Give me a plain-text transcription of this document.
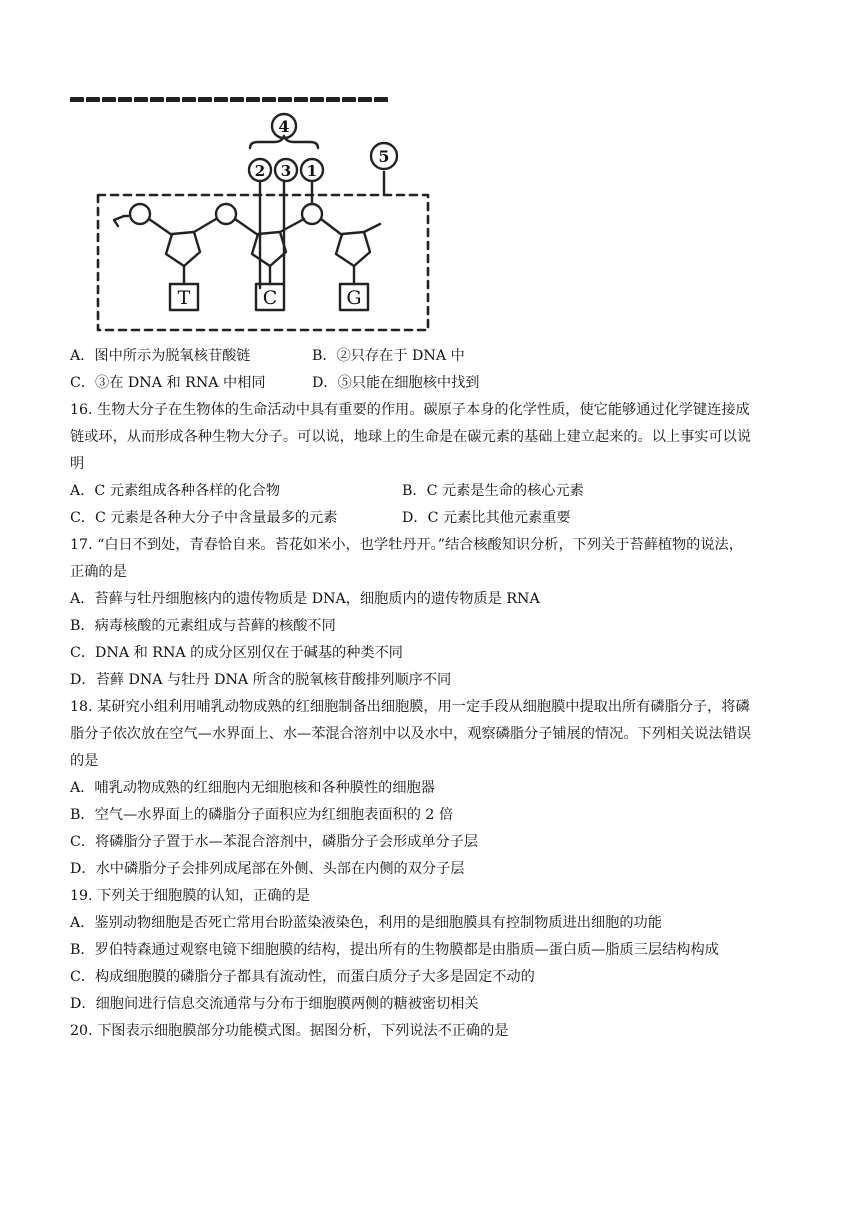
4
2 3 1
5
T	C	G
A．图中所示为脱氧核苷酸链	B．②只存在于 DNA 中
C．③在 DNA 和 RNA 中相同	D．⑤只能在细胞核中找到
16. 生物大分子在生物体的生命活动中具有重要的作用。碳原子本身的化学性质，使它能够通过化学键连接成
链或环，从而形成各种生物大分子。可以说，地球上的生命是在碳元素的基础上建立起来的。以上事实可以说
明
A．C 元素组成各种各样的化合物	B．C 元素是生命的核心元素
C．C 元素是各种大分子中含量最多的元素	D．C 元素比其他元素重要
17. “白日不到处，青春恰自来。苔花如米小，也学牡丹开。”结合核酸知识分析，下列关于苔藓植物的说法，
正确的是
A．苔藓与牡丹细胞核内的遗传物质是 DNA，细胞质内的遗传物质是 RNA
B．病毒核酸的元素组成与苔藓的核酸不同
C．DNA 和 RNA 的成分区别仅在于碱基的种类不同
D．苔藓 DNA 与牡丹 DNA 所含的脱氧核苷酸排列顺序不同
18. 某研究小组利用哺乳动物成熟的红细胞制备出细胞膜，用一定手段从细胞膜中提取出所有磷脂分子，将磷
脂分子依次放在空气—水界面上、水—苯混合溶剂中以及水中，观察磷脂分子铺展的情况。下列相关说法错误
的是
A．哺乳动物成熟的红细胞内无细胞核和各种膜性的细胞器
B．空气—水界面上的磷脂分子面积应为红细胞表面积的 2 倍
C．将磷脂分子置于水—苯混合溶剂中，磷脂分子会形成单分子层
D．水中磷脂分子会排列成尾部在外侧、头部在内侧的双分子层
19. 下列关于细胞膜的认知，正确的是
A．鉴别动物细胞是否死亡常用台盼蓝染液染色，利用的是细胞膜具有控制物质进出细胞的功能
B．罗伯特森通过观察电镜下细胞膜的结构，提出所有的生物膜都是由脂质—蛋白质—脂质三层结构构成
C．构成细胞膜的磷脂分子都具有流动性，而蛋白质分子大多是固定不动的
D．细胞间进行信息交流通常与分布于细胞膜两侧的糖被密切相关
20. 下图表示细胞膜部分功能模式图。据图分析，下列说法不正确的是
